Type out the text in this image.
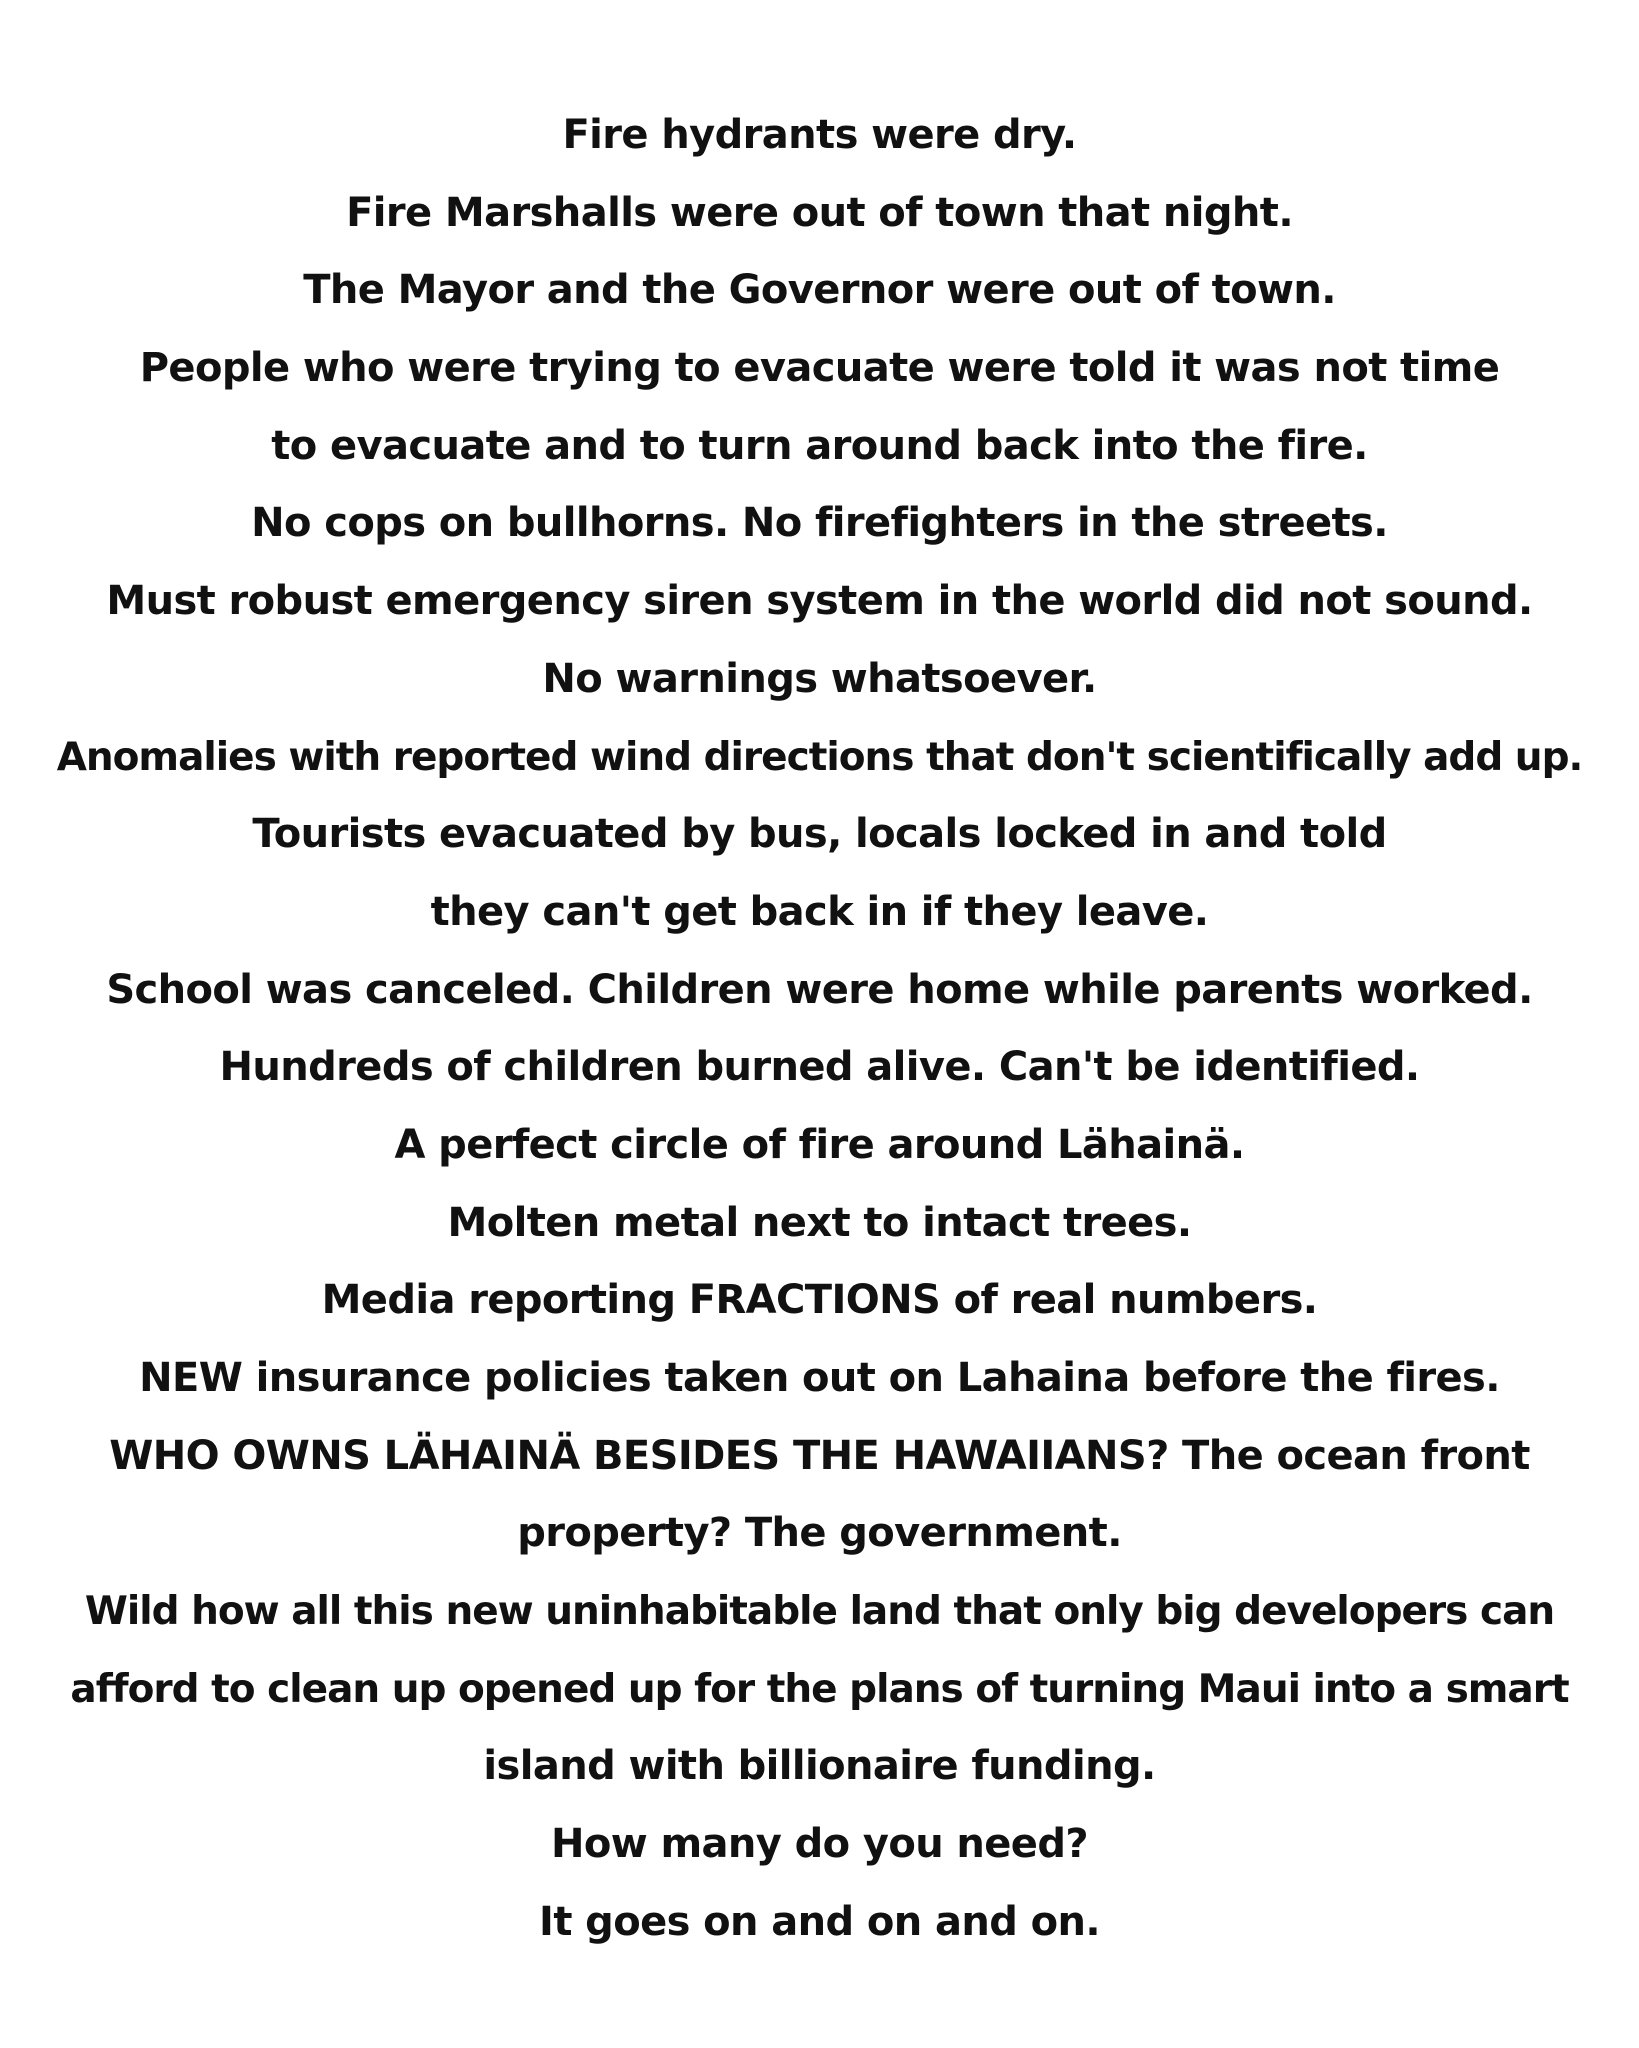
Fire hydrants were dry.

Fire Marshalls were out of town that night.

The Mayor and the Governor were out of town.

People who were trying to evacuate were told it was not time

to evacuate and to turn around back into the fire.

No cops on bullhorns. No firefighters in the streets.

Must robust emergency siren system in the world did not sound.

No warnings whatsoever.

Anomalies with reported wind directions that don't scientifically add up.

Tourists evacuated by bus, locals locked in and told

they can't get back in if they leave.

School was canceled. Children were home while parents worked.

Hundreds of children burned alive. Can't be identified.

A perfect circle of fire around Lähainä.

Molten metal next to intact trees.

Media reporting FRACTIONS of real numbers.

NEW insurance policies taken out on Lahaina before the fires.

WHO OWNS LÄHAINÄ BESIDES THE HAWAIIANS? The ocean front

property? The government.

Wild how all this new uninhabitable land that only big developers can

afford to clean up opened up for the plans of turning Maui into a smart

island with billionaire funding.

How many do you need?

It goes on and on and on.
